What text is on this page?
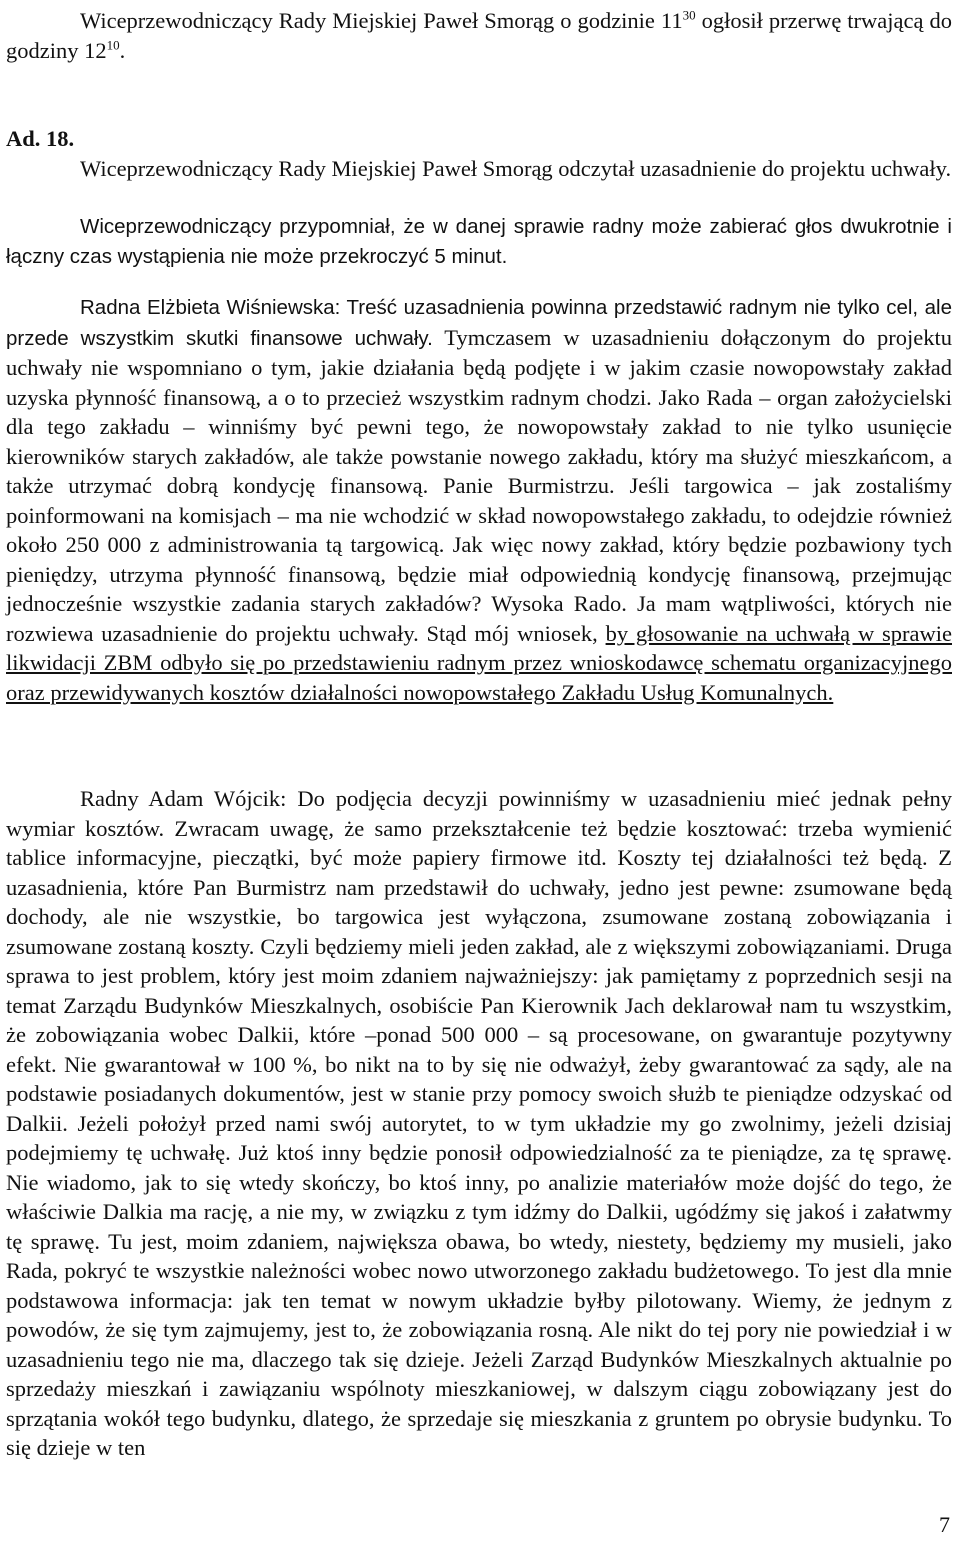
Wiceprzewodniczący Rady Miejskiej Paweł Smorąg o godzinie $11^{30}$ ogłosił przerwę trwającą do godziny $12^{10}$.

Ad. 18.

Wiceprzewodniczący Rady Miejskiej Paweł Smorąg odczytał uzasadnienie do projektu uchwały.

Wiceprzewodniczący przypomniał, że w danej sprawie radny może zabierać głos dwukrotnie i łączny czas wystąpienia nie może przekroczyć 5 minut.

Radna Elżbieta Wiśniewska: Treść uzasadnienia powinna przedstawić radnym nie tylko cel, ale przede wszystkim skutki finansowe uchwały. Tymczasem w uzasadnieniu dołączonym do projektu uchwały nie wspomniano o tym, jakie działania będą podjęte i w jakim czasie nowopowstały zakład uzyska płynność finansową, a o to przecież wszystkim radnym chodzi. Jako Rada – organ założycielski dla tego zakładu – winniśmy być pewni tego, że nowopowstały zakład to nie tylko usunięcie kierowników starych zakładów, ale także powstanie nowego zakładu, który ma służyć mieszkańcom, a także utrzymać dobrą kondycję finansową. Panie Burmistrzu. Jeśli targowica – jak zostaliśmy poinformowani na komisjach – ma nie wchodzić w skład nowopowstałego zakładu, to odejdzie również około 250 000 z administrowania tą targowicą. Jak więc nowy zakład, który będzie pozbawiony tych pieniędzy, utrzyma płynność finansową, będzie miał odpowiednią kondycję finansową, przejmując jednocześnie wszystkie zadania starych zakładów? Wysoka Rado. Ja mam wątpliwości, których nie rozwiewa uzasadnienie do projektu uchwały. Stąd mój wniosek, by głosowanie na uchwałą w sprawie likwidacji ZBM odbyło się po przedstawieniu radnym przez wnioskodawcę schematu organizacyjnego oraz przewidywanych kosztów działalności nowopowstałego Zakładu Usług Komunalnych.

Radny Adam Wójcik: Do podjęcia decyzji powinniśmy w uzasadnieniu mieć jednak pełny wymiar kosztów. Zwracam uwagę, że samo przekształcenie też będzie kosztować: trzeba wymienić tablice informacyjne, pieczątki, być może papiery firmowe itd. Koszty tej działalności też będą. Z uzasadnienia, które Pan Burmistrz nam przedstawił do uchwały, jedno jest pewne: zsumowane będą dochody, ale nie wszystkie, bo targowica jest wyłączona, zsumowane zostaną zobowiązania i zsumowane zostaną koszty. Czyli będziemy mieli jeden zakład, ale z większymi zobowiązaniami. Druga sprawa to jest problem, który jest moim zdaniem najważniejszy: jak pamiętamy z poprzednich sesji na temat Zarządu Budynków Mieszkalnych, osobiście Pan Kierownik Jach deklarował nam tu wszystkim, że zobowiązania wobec Dalkii, które –ponad 500 000 – są procesowane, on gwarantuje pozytywny efekt. Nie gwarantował w 100 %, bo nikt na to by się nie odważył, żeby gwarantować za sądy, ale na podstawie posiadanych dokumentów, jest w stanie przy pomocy swoich służb te pieniądze odzyskać od Dalkii. Jeżeli położył przed nami swój autorytet, to w tym układzie my go zwolnimy, jeżeli dzisiaj podejmiemy tę uchwałę. Już ktoś inny będzie ponosił odpowiedzialność za te pieniądze, za tę sprawę. Nie wiadomo, jak to się wtedy skończy, bo ktoś inny, po analizie materiałów może dojść do tego, że właściwie Dalkia ma rację, a nie my, w związku z tym idźmy do Dalkii, ugódźmy się jakoś i załatwmy tę sprawę. Tu jest, moim zdaniem, największa obawa, bo wtedy, niestety, będziemy my musieli, jako Rada, pokryć te wszystkie należności wobec nowo utworzonego zakładu budżetowego. To jest dla mnie podstawowa informacja: jak ten temat w nowym układzie byłby pilotowany. Wiemy, że jednym z powodów, że się tym zajmujemy, jest to, że zobowiązania rosną. Ale nikt do tej pory nie powiedział i w uzasadnieniu tego nie ma, dlaczego tak się dzieje. Jeżeli Zarząd Budynków Mieszkalnych aktualnie po sprzedaży mieszkań i zawiązaniu wspólnoty mieszkaniowej, w dalszym ciągu zobowiązany jest do sprzątania wokół tego budynku, dlatego, że sprzedaje się mieszkania z gruntem po obrysie budynku. To się dzieje w ten

7
